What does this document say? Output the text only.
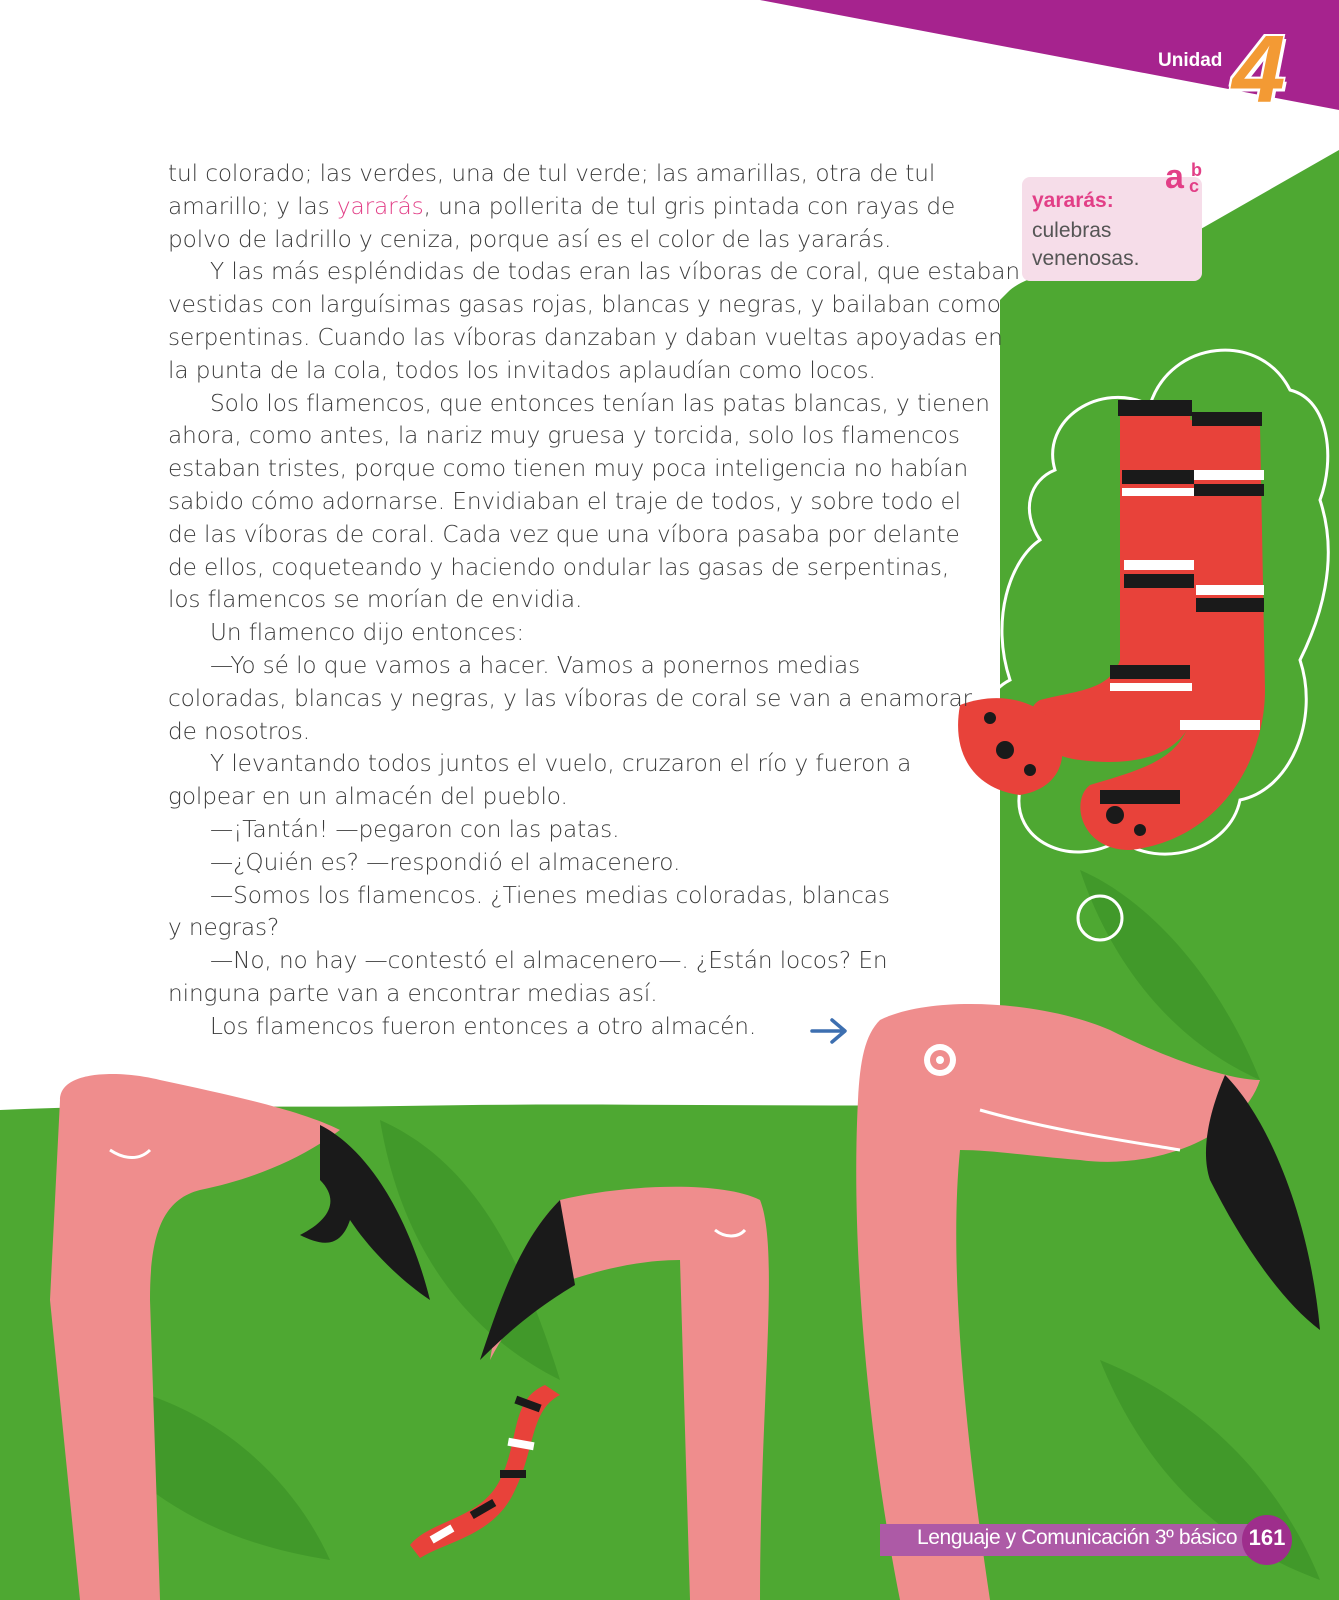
Unidad 4
tul colorado; las verdes, una de tul verde; las amarillas, otra de tul
amarillo; y las yararás, una pollerita de tul gris pintada con rayas de
polvo de ladrillo y ceniza, porque así es el color de las yararás.
Y las más espléndidas de todas eran las víboras de coral, que estaban
vestidas con larguísimas gasas rojas, blancas y negras, y bailaban como
serpentinas. Cuando las víboras danzaban y daban vueltas apoyadas en
la punta de la cola, todos los invitados aplaudían como locos.
Solo los flamencos, que entonces tenían las patas blancas, y tienen
ahora, como antes, la nariz muy gruesa y torcida, solo los flamencos
estaban tristes, porque como tienen muy poca inteligencia no habían
sabido cómo adornarse. Envidiaban el traje de todos, y sobre todo el
de las víboras de coral. Cada vez que una víbora pasaba por delante
de ellos, coqueteando y haciendo ondular las gasas de serpentinas,
los flamencos se morían de envidia.
Un flamenco dijo entonces:
—Yo sé lo que vamos a hacer. Vamos a ponernos medias
coloradas, blancas y negras, y las víboras de coral se van a enamorar
de nosotros.
Y levantando todos juntos el vuelo, cruzaron el río y fueron a
golpear en un almacén del pueblo.
—¡Tantán! —pegaron con las patas.
—¿Quién es? —respondió el almacenero.
—Somos los flamencos. ¿Tienes medias coloradas, blancas
y negras?
—No, no hay —contestó el almacenero—. ¿Están locos? En
ninguna parte van a encontrar medias así.
Los flamencos fueron entonces a otro almacén.
yararás:
culebras venenosas.
a b
c
Lenguaje y Comunicación 3º básico 161
